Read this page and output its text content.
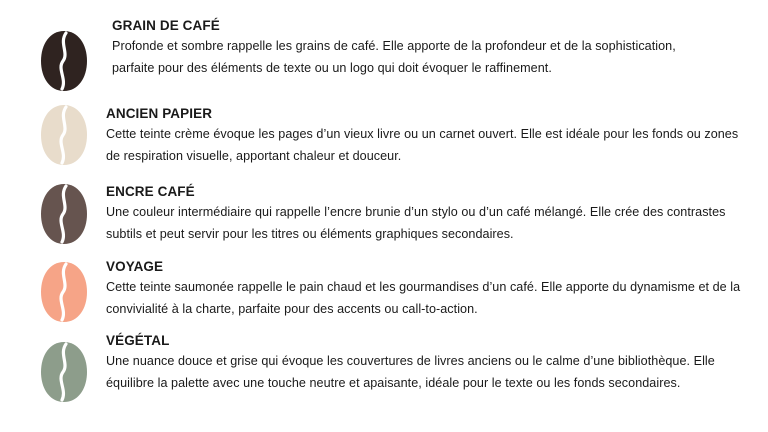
GRAIN DE CAFÉ
Profonde et sombre rappelle les grains de café. Elle apporte de la profondeur et de la sophistication, parfaite pour des éléments de texte ou un logo qui doit évoquer le raffinement.
ANCIEN PAPIER
Cette teinte crème évoque les pages d’un vieux livre ou un carnet ouvert. Elle est idéale pour les fonds ou zones de respiration visuelle, apportant chaleur et douceur.
ENCRE CAFÉ
Une couleur intermédiaire qui rappelle l’encre brunie d’un stylo ou d’un café mélangé. Elle crée des contrastes subtils et peut servir pour les titres ou éléments graphiques secondaires.
VOYAGE
Cette teinte saumonée rappelle le pain chaud et les gourmandises d’un café. Elle apporte du dynamisme et de la convivialité à la charte, parfaite pour des accents ou call-to-action.
VÉGÉTAL
Une nuance douce et grise qui évoque les couvertures de livres anciens ou le calme d’une bibliothèque. Elle équilibre la palette avec une touche neutre et apaisante, idéale pour le texte ou les fonds secondaires.
